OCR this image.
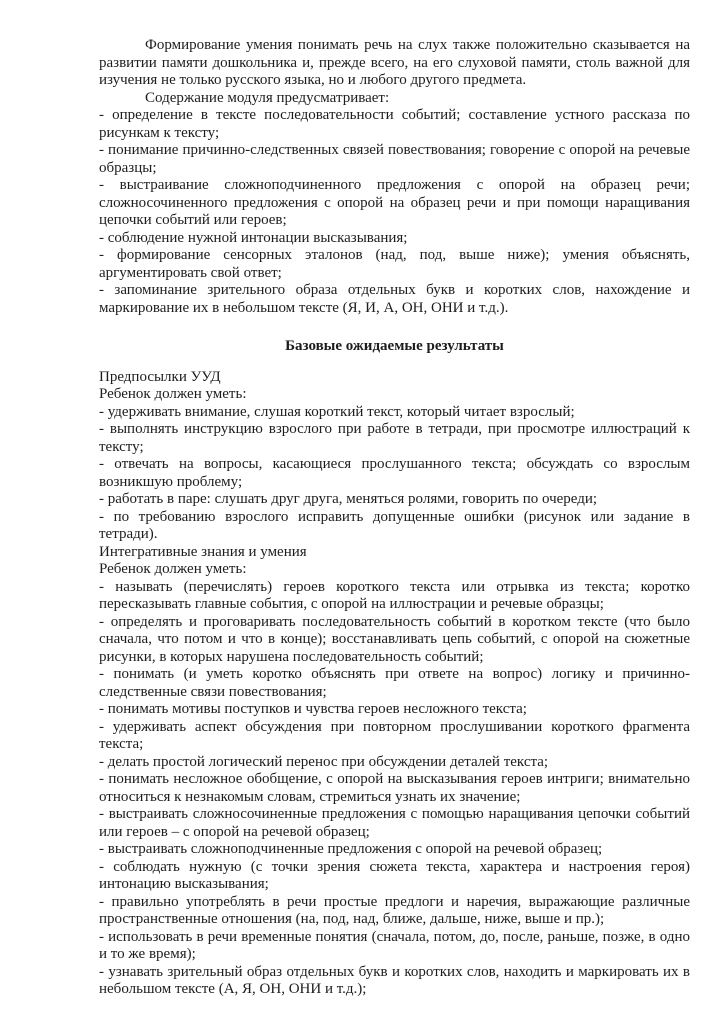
Формирование умения понимать речь на слух также положительно сказывается на развитии памяти дошкольника и, прежде всего, на его слуховой памяти, столь важной для изучения не только русского языка, но и любого другого предмета.

Содержание модуля предусматривает:

- определение в тексте последовательности событий; составление устного рассказа по рисункам к тексту;

- понимание причинно-следственных связей повествования; говорение с опорой на речевые образцы;

- выстраивание сложноподчиненного предложения с опорой на образец речи; сложносочиненного предложения с опорой на образец речи и при помощи наращивания цепочки событий или героев;

- соблюдение нужной интонации высказывания;

- формирование сенсорных эталонов (над, под, выше ниже); умения объяснять, аргументировать свой ответ;

- запоминание зрительного образа отдельных букв и коротких слов, нахождение и маркирование их в небольшом тексте (Я, И, А, ОН, ОНИ и т.д.).

Базовые ожидаемые результаты

Предпосылки УУД

Ребенок должен уметь:

- удерживать внимание, слушая короткий текст, который читает взрослый;

- выполнять инструкцию взрослого при работе в тетради, при просмотре иллюстраций к тексту;

- отвечать на вопросы, касающиеся прослушанного текста; обсуждать со взрослым возникшую проблему;

- работать в паре: слушать друг друга, меняться ролями, говорить по очереди;

- по требованию взрослого исправить допущенные ошибки (рисунок или задание в тетради).

Интегративные знания и умения

Ребенок должен уметь:

- называть (перечислять) героев короткого текста или отрывка из текста; коротко пересказывать главные события, с опорой на иллюстрации и речевые образцы;

- определять и проговаривать последовательность событий в коротком тексте (что было сначала, что потом и что в конце); восстанавливать цепь событий, с опорой на сюжетные рисунки, в которых нарушена последовательность событий;

- понимать (и уметь коротко объяснять при ответе на вопрос) логику и причинно-следственные связи повествования;

- понимать мотивы поступков и чувства героев несложного текста;

- удерживать аспект обсуждения при повторном прослушивании короткого фрагмента текста;

- делать простой логический перенос при обсуждении деталей текста;

- понимать несложное обобщение, с опорой на высказывания героев интриги; внимательно относиться к незнакомым словам, стремиться узнать их значение;

- выстраивать сложносочиненные предложения с помощью наращивания цепочки событий или героев – с опорой на речевой образец;

- выстраивать сложноподчиненные предложения с опорой на речевой образец;

- соблюдать нужную (с точки зрения сюжета текста, характера и настроения героя) интонацию высказывания;

- правильно употреблять в речи простые предлоги и наречия, выражающие различные пространственные отношения (на, под, над, ближе, дальше, ниже, выше и пр.);

- использовать в речи временные понятия (сначала, потом, до, после, раньше, позже, в одно и то же время);

- узнавать зрительный образ отдельных букв и коротких слов, находить и маркировать их в небольшом тексте (А, Я, ОН, ОНИ и т.д.);
